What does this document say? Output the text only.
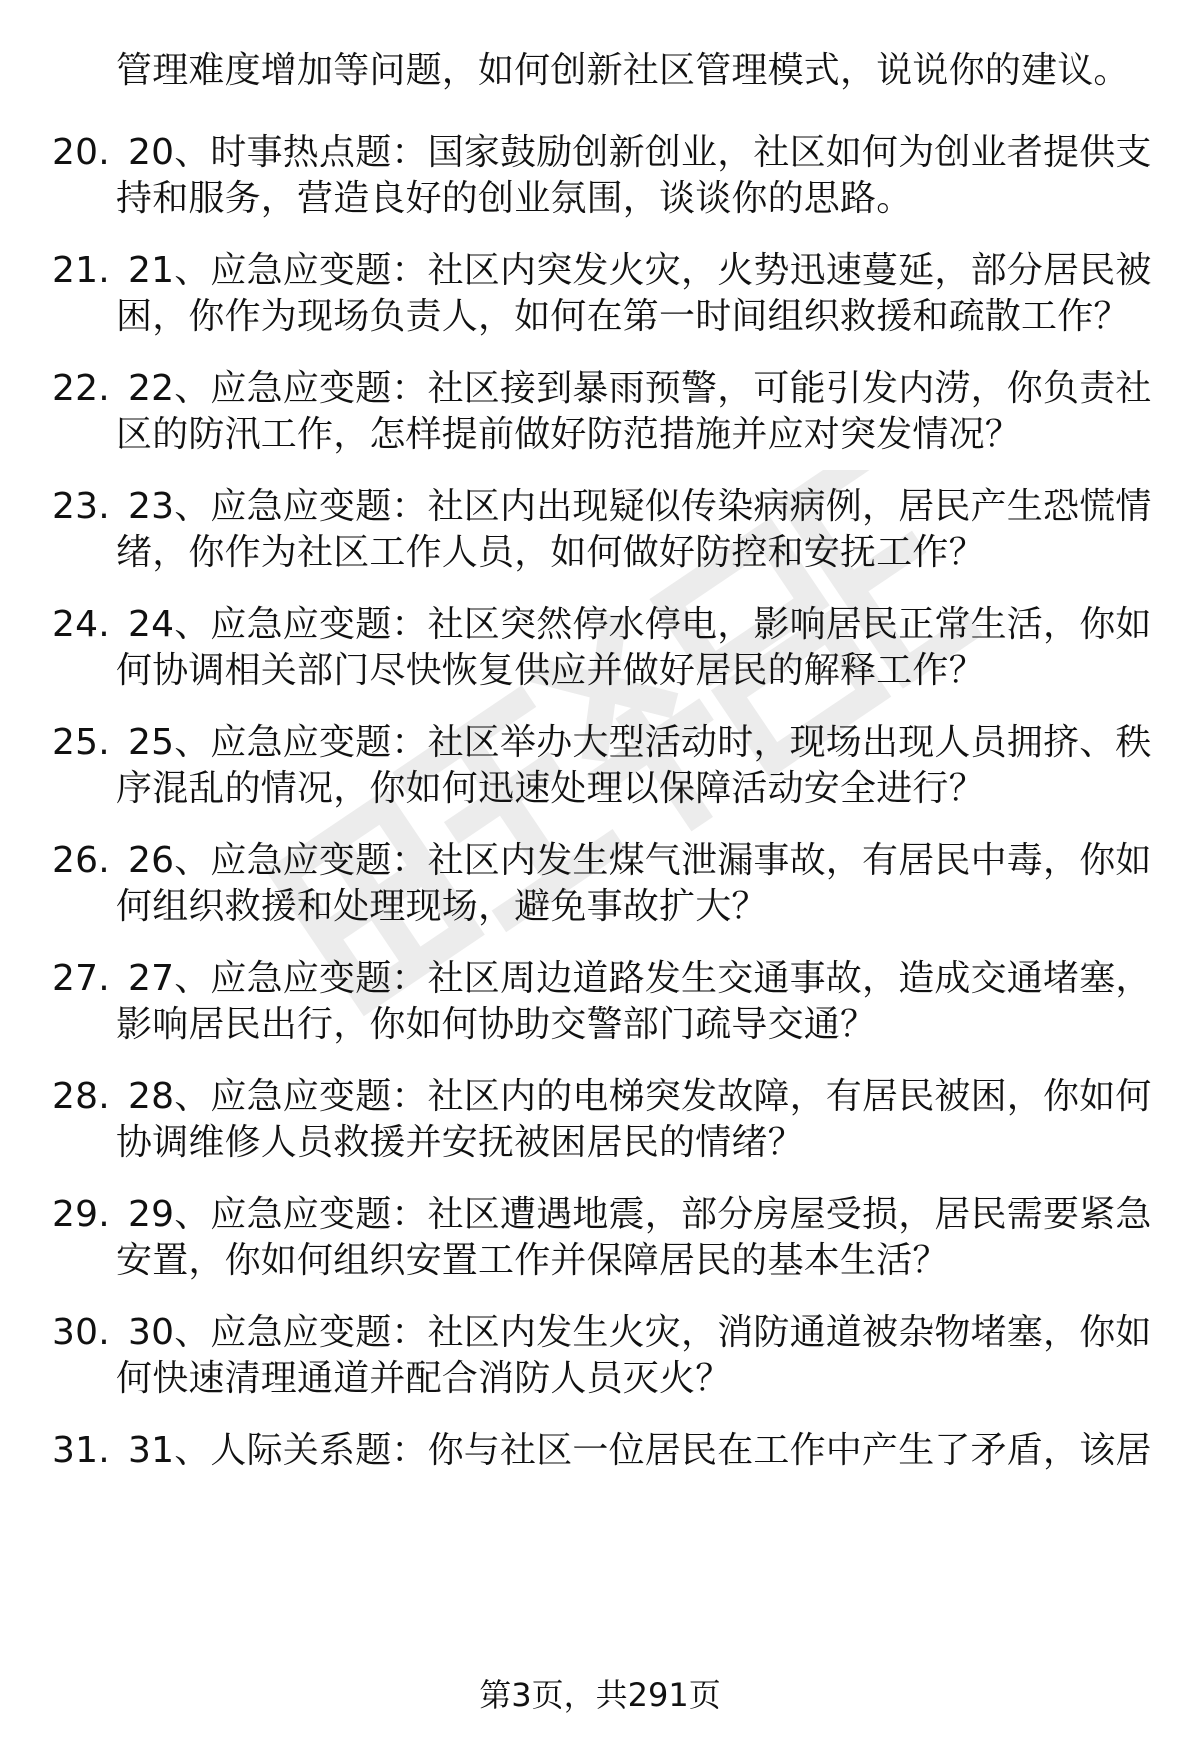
管理难度增加等问题，如何创新社区管理模式，说说你的建议。
20. 20、时事热点题：国家鼓励创新创业，社区如何为创业者提供支
持和服务，营造良好的创业氛围，谈谈你的思路。
21. 21、应急应变题：社区内突发火灾，火势迅速蔓延，部分居民被
困，你作为现场负责人，如何在第一时间组织救援和疏散工作？
22. 22、应急应变题：社区接到暴雨预警，可能引发内涝，你负责社
区的防汛工作，怎样提前做好防范措施并应对突发情况？
23. 23、应急应变题：社区内出现疑似传染病病例，居民产生恐慌情
绪，你作为社区工作人员，如何做好防控和安抚工作？
24. 24、应急应变题：社区突然停水停电，影响居民正常生活，你如
何协调相关部门尽快恢复供应并做好居民的解释工作？
25. 25、应急应变题：社区举办大型活动时，现场出现人员拥挤、秩
序混乱的情况，你如何迅速处理以保障活动安全进行？
26. 26、应急应变题：社区内发生煤气泄漏事故，有居民中毒，你如
何组织救援和处理现场，避免事故扩大？
27. 27、应急应变题：社区周边道路发生交通事故，造成交通堵塞，
影响居民出行，你如何协助交警部门疏导交通？
28. 28、应急应变题：社区内的电梯突发故障，有居民被困，你如何
协调维修人员救援并安抚被困居民的情绪？
29. 29、应急应变题：社区遭遇地震，部分房屋受损，居民需要紧急
安置，你如何组织安置工作并保障居民的基本生活？
30. 30、应急应变题：社区内发生火灾，消防通道被杂物堵塞，你如
何快速清理通道并配合消防人员灭火？
31. 31、人际关系题：你与社区一位居民在工作中产生了矛盾，该居
第3页，共291页
